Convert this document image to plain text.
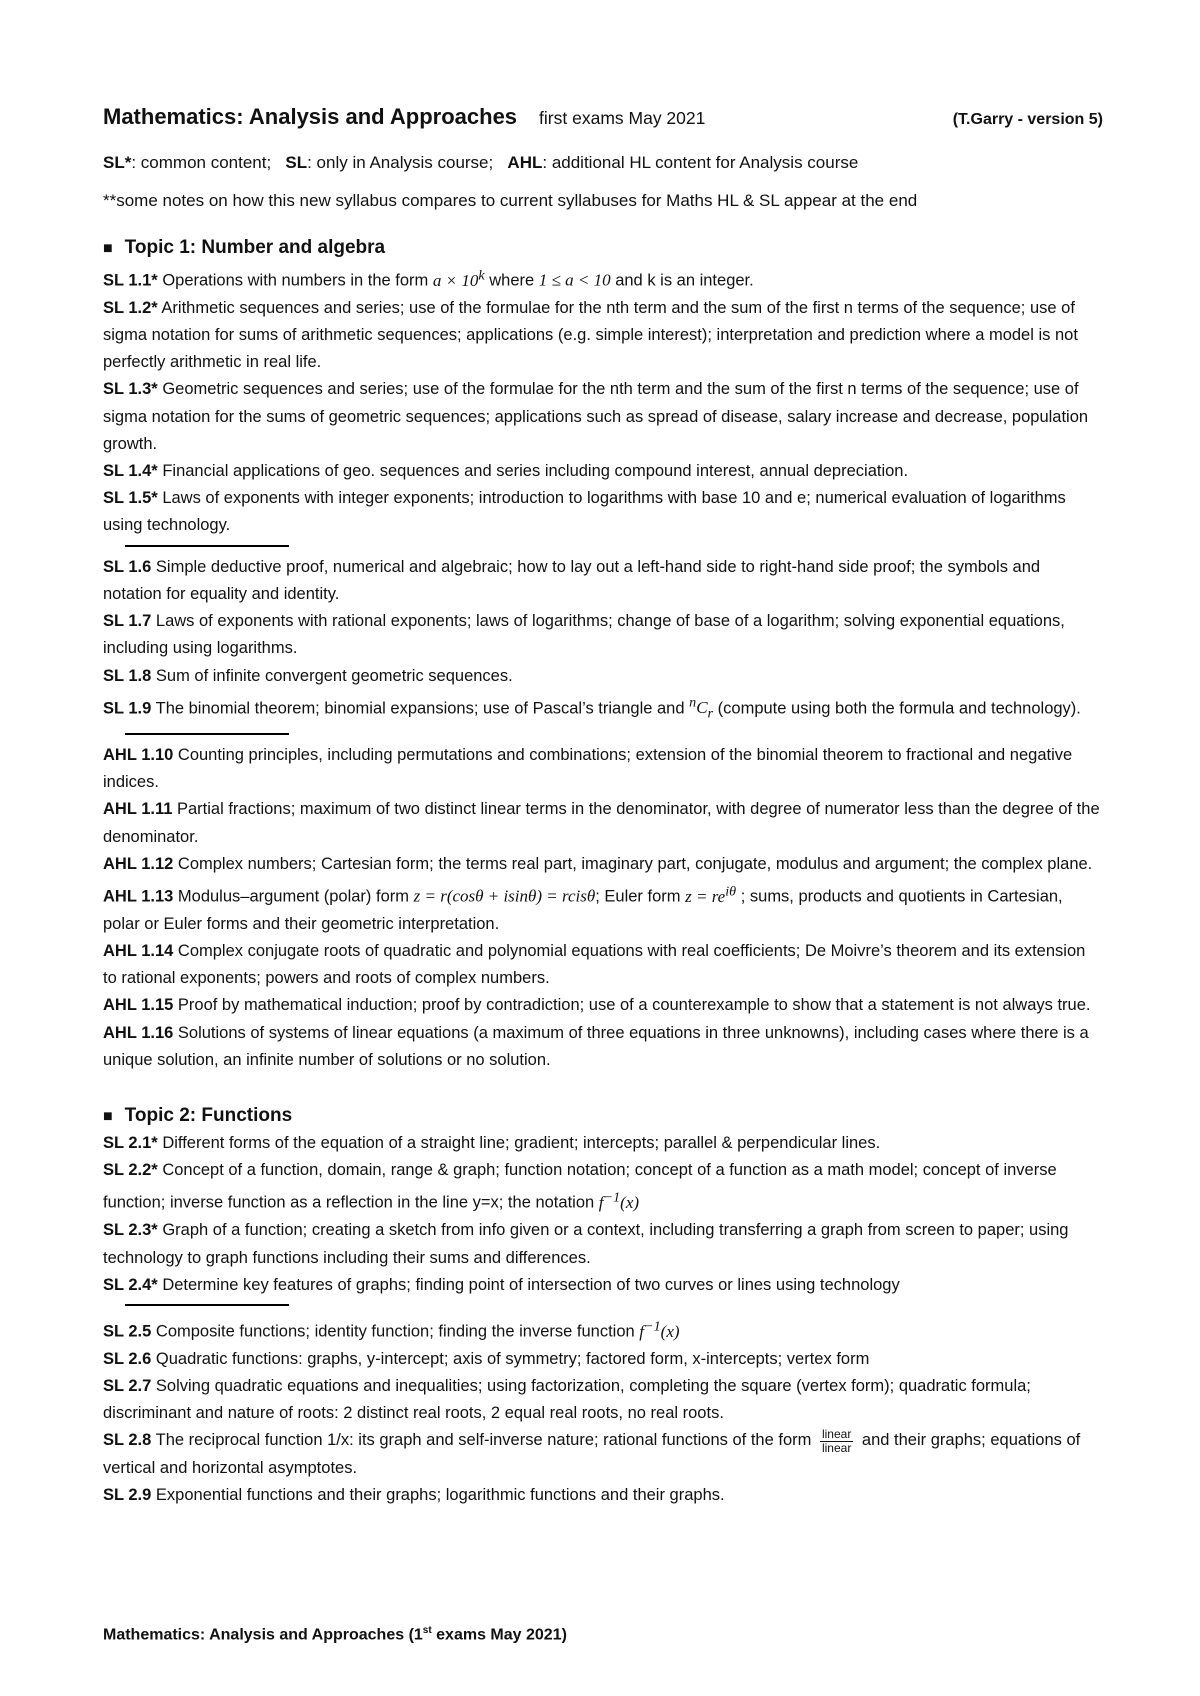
Mathematics: Analysis and Approaches first exams May 2021	(T.Garry - version 5)
SL*: common content; SL: only in Analysis course; AHL: additional HL content for Analysis course
**some notes on how this new syllabus compares to current syllabuses for Maths HL & SL appear at the end
■ Topic 1: Number and algebra
SL 1.1* Operations with numbers in the form $a \times 10^k$ where 1 ≤ a < 10 and k is an integer.
SL 1.2* Arithmetic sequences and series; use of the formulae for the nth term and the sum of the first n terms of the sequence; use of sigma notation for sums of arithmetic sequences; applications (e.g. simple interest); interpretation and prediction where a model is not perfectly arithmetic in real life.
SL 1.3* Geometric sequences and series; use of the formulae for the nth term and the sum of the first n terms of the sequence; use of sigma notation for the sums of geometric sequences; applications such as spread of disease, salary increase and decrease, population growth.
SL 1.4* Financial applications of geo. sequences and series including compound interest, annual depreciation.
SL 1.5* Laws of exponents with integer exponents; introduction to logarithms with base 10 and e; numerical evaluation of logarithms using technology.
SL 1.6 Simple deductive proof, numerical and algebraic; how to lay out a left-hand side to right-hand side proof; the symbols and notation for equality and identity.
SL 1.7 Laws of exponents with rational exponents; laws of logarithms; change of base of a logarithm; solving exponential equations, including using logarithms.
SL 1.8 Sum of infinite convergent geometric sequences.
SL 1.9 The binomial theorem; binomial expansions; use of Pascal’s triangle and $^nC_r$ (compute using both the formula and technology).
AHL 1.10 Counting principles, including permutations and combinations; extension of the binomial theorem to fractional and negative indices.
AHL 1.11 Partial fractions; maximum of two distinct linear terms in the denominator, with degree of numerator less than the degree of the denominator.
AHL 1.12 Complex numbers; Cartesian form; the terms real part, imaginary part, conjugate, modulus and argument; the complex plane.
AHL 1.13 Modulus–argument (polar) form z = r(cosθ + isinθ) = rcisθ; Euler form $z = re^{i\theta}$ ; sums, products and quotients in Cartesian, polar or Euler forms and their geometric interpretation.
AHL 1.14 Complex conjugate roots of quadratic and polynomial equations with real coefficients; De Moivre’s theorem and its extension to rational exponents; powers and roots of complex numbers.
AHL 1.15 Proof by mathematical induction; proof by contradiction; use of a counterexample to show that a statement is not always true.
AHL 1.16 Solutions of systems of linear equations (a maximum of three equations in three unknowns), including cases where there is a unique solution, an infinite number of solutions or no solution.
■ Topic 2: Functions
SL 2.1* Different forms of the equation of a straight line; gradient; intercepts; parallel & perpendicular lines.
SL 2.2* Concept of a function, domain, range & graph; function notation; concept of a function as a math model; concept of inverse function; inverse function as a reflection in the line y=x; the notation $f^{-1}(x)$
SL 2.3* Graph of a function; creating a sketch from info given or a context, including transferring a graph from screen to paper; using technology to graph functions including their sums and differences.
SL 2.4* Determine key features of graphs; finding point of intersection of two curves or lines using technology
SL 2.5 Composite functions; identity function; finding the inverse function $f^{-1}(x)$
SL 2.6 Quadratic functions: graphs, y-intercept; axis of symmetry; factored form, x-intercepts; vertex form
SL 2.7 Solving quadratic equations and inequalities; using factorization, completing the square (vertex form); quadratic formula; discriminant and nature of roots: 2 distinct real roots, 2 equal real roots, no real roots.
SL 2.8 The reciprocal function 1/x: its graph and self-inverse nature; rational functions of the form $\frac{\text{linear}}{\text{linear}}$ and their graphs; equations of vertical and horizontal asymptotes.
SL 2.9 Exponential functions and their graphs; logarithmic functions and their graphs.
Mathematics: Analysis and Approaches (1st exams May 2021)
